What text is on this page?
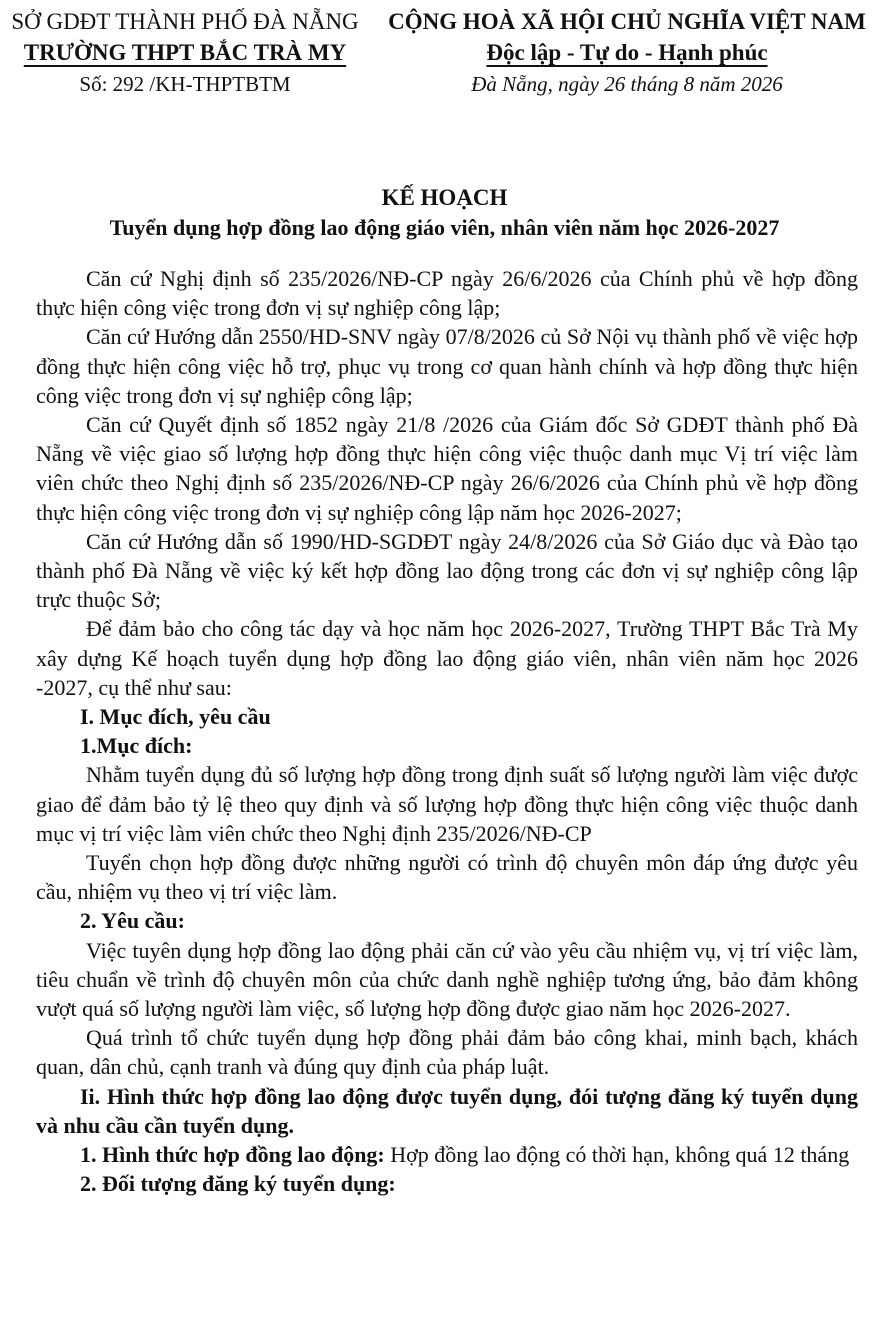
SỞ GDĐT THÀNH PHỐ ĐÀ NẴNG
TRƯỜNG THPT BẮC TRÀ MY
Số: 292 /KH-THPTBTM
CỘNG HOÀ XÃ HỘI CHỦ NGHĨA VIỆT NAM
Độc lập - Tự do - Hạnh phúc
Đà Nẵng, ngày 26 tháng 8 năm 2026
KẾ HOẠCH
Tuyển dụng hợp đồng lao động giáo viên, nhân viên năm học 2026-2027

Căn cứ Nghị định số 235/2026/NĐ-CP ngày 26/6/2026 của Chính phủ về hợp đồng thực hiện công việc trong đơn vị sự nghiệp công lập;

Căn cứ Hướng dẫn 2550/HD-SNV ngày 07/8/2026 củ Sở Nội vụ thành phố về việc hợp đồng thực hiện công việc hỗ trợ, phục vụ trong cơ quan hành chính và hợp đồng thực hiện công việc trong đơn vị sự nghiệp công lập;

Căn cứ Quyết định số 1852 ngày 21/8 /2026 của Giám đốc Sở GDĐT thành phố Đà Nẵng về việc giao số lượng hợp đồng thực hiện công việc thuộc danh mục Vị trí việc làm viên chức theo Nghị định số 235/2026/NĐ-CP ngày 26/6/2026 của Chính phủ về hợp đồng thực hiện công việc trong đơn vị sự nghiệp công lập năm học 2026-2027;

Căn cứ Hướng dẫn số 1990/HD-SGDĐT ngày 24/8/2026 của Sở Giáo dục và Đào tạo thành phố Đà Nẵng về việc ký kết hợp đồng lao động trong các đơn vị sự nghiệp công lập trực thuộc Sở;

Để đảm bảo cho công tác dạy và học năm học 2026-2027, Trường THPT Bắc Trà My xây dựng Kế hoạch tuyển dụng hợp đồng lao động giáo viên, nhân viên năm học 2026 -2027, cụ thể như sau:

I. Mục đích, yêu cầu

1.Mục đích:

Nhằm tuyển dụng đủ số lượng hợp đồng trong định suất số lượng người làm việc được giao để đảm bảo tỷ lệ theo quy định và số lượng hợp đồng thực hiện công việc thuộc danh mục vị trí việc làm viên chức theo Nghị định 235/2026/NĐ-CP

Tuyển chọn hợp đồng được những người có trình độ chuyên môn đáp ứng được yêu cầu, nhiệm vụ theo vị trí việc làm.

2. Yêu cầu:

Việc tuyên dụng hợp đồng lao động phải căn cứ vào yêu cầu nhiệm vụ, vị trí việc làm, tiêu chuẩn về trình độ chuyên môn của chức danh nghề nghiệp tương ứng, bảo đảm không vượt quá số lượng người làm việc, số lượng hợp đồng được giao năm học 2026-2027.

Quá trình tổ chức tuyển dụng hợp đồng phải đảm bảo công khai, minh bạch, khách quan, dân chủ, cạnh tranh và đúng quy định của pháp luật.

Ii. Hình thức hợp đồng lao động được tuyển dụng, đói tượng đăng ký tuyển dụng và nhu cầu cần tuyển dụng.

1. Hình thức hợp đồng lao động: Hợp đồng lao động có thời hạn, không quá 12 tháng

2. Đối tượng đăng ký tuyển dụng:
